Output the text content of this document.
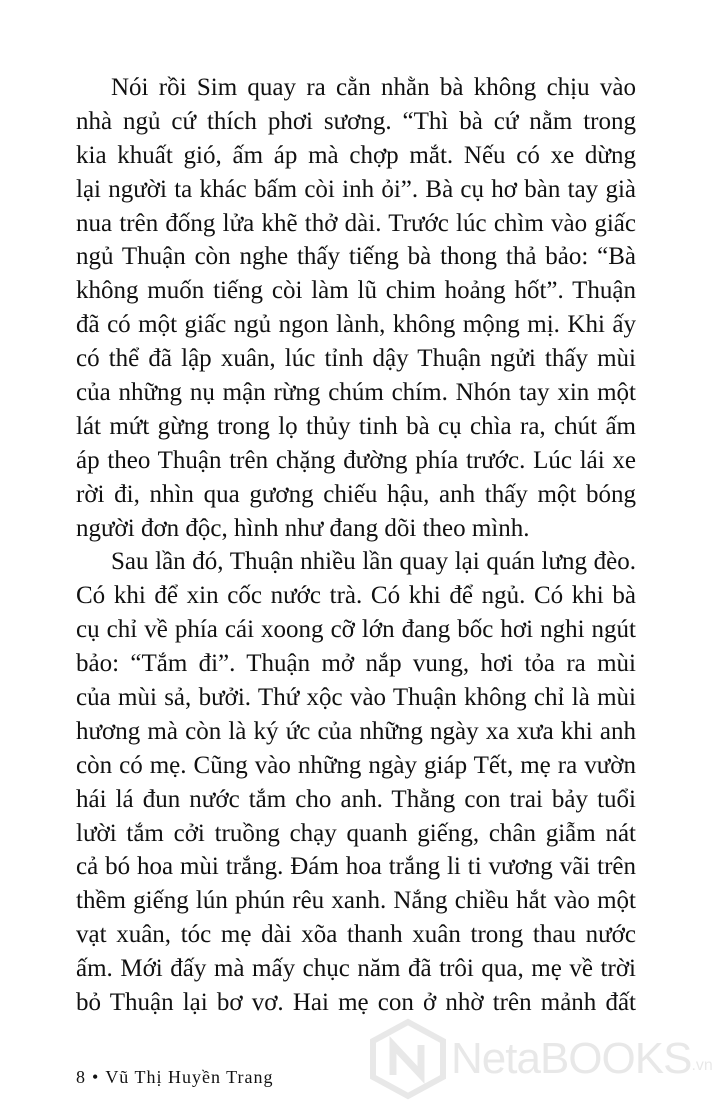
Nói rồi Sim quay ra cằn nhằn bà không chịu vào
nhà ngủ cứ thích phơi sương. “Thì bà cứ nằm trong
kia khuất gió, ấm áp mà chợp mắt. Nếu có xe dừng
lại người ta khác bấm còi inh ỏi”. Bà cụ hơ bàn tay già
nua trên đống lửa khẽ thở dài. Trước lúc chìm vào giấc
ngủ Thuận còn nghe thấy tiếng bà thong thả bảo: “Bà
không muốn tiếng còi làm lũ chim hoảng hốt”. Thuận
đã có một giấc ngủ ngon lành, không mộng mị. Khi ấy
có thể đã lập xuân, lúc tỉnh dậy Thuận ngửi thấy mùi
của những nụ mận rừng chúm chím. Nhón tay xin một
lát mứt gừng trong lọ thủy tinh bà cụ chìa ra, chút ấm
áp theo Thuận trên chặng đường phía trước. Lúc lái xe
rời đi, nhìn qua gương chiếu hậu, anh thấy một bóng
người đơn độc, hình như đang dõi theo mình.
Sau lần đó, Thuận nhiều lần quay lại quán lưng đèo.
Có khi để xin cốc nước trà. Có khi để ngủ. Có khi bà
cụ chỉ về phía cái xoong cỡ lớn đang bốc hơi nghi ngút
bảo: “Tắm đi”. Thuận mở nắp vung, hơi tỏa ra mùi
của mùi sả, bưởi. Thứ xộc vào Thuận không chỉ là mùi
hương mà còn là ký ức của những ngày xa xưa khi anh
còn có mẹ. Cũng vào những ngày giáp Tết, mẹ ra vườn
hái lá đun nước tắm cho anh. Thằng con trai bảy tuổi
lười tắm cởi truồng chạy quanh giếng, chân giẫm nát
cả bó hoa mùi trắng. Đám hoa trắng li ti vương vãi trên
thềm giếng lún phún rêu xanh. Nắng chiều hắt vào một
vạt xuân, tóc mẹ dài xõa thanh xuân trong thau nước
ấm. Mới đấy mà mấy chục năm đã trôi qua, mẹ về trời
bỏ Thuận lại bơ vơ. Hai mẹ con ở nhờ trên mảnh đất
8 • Vũ Thị Huyền Trang	NetaBOOKS .vn
